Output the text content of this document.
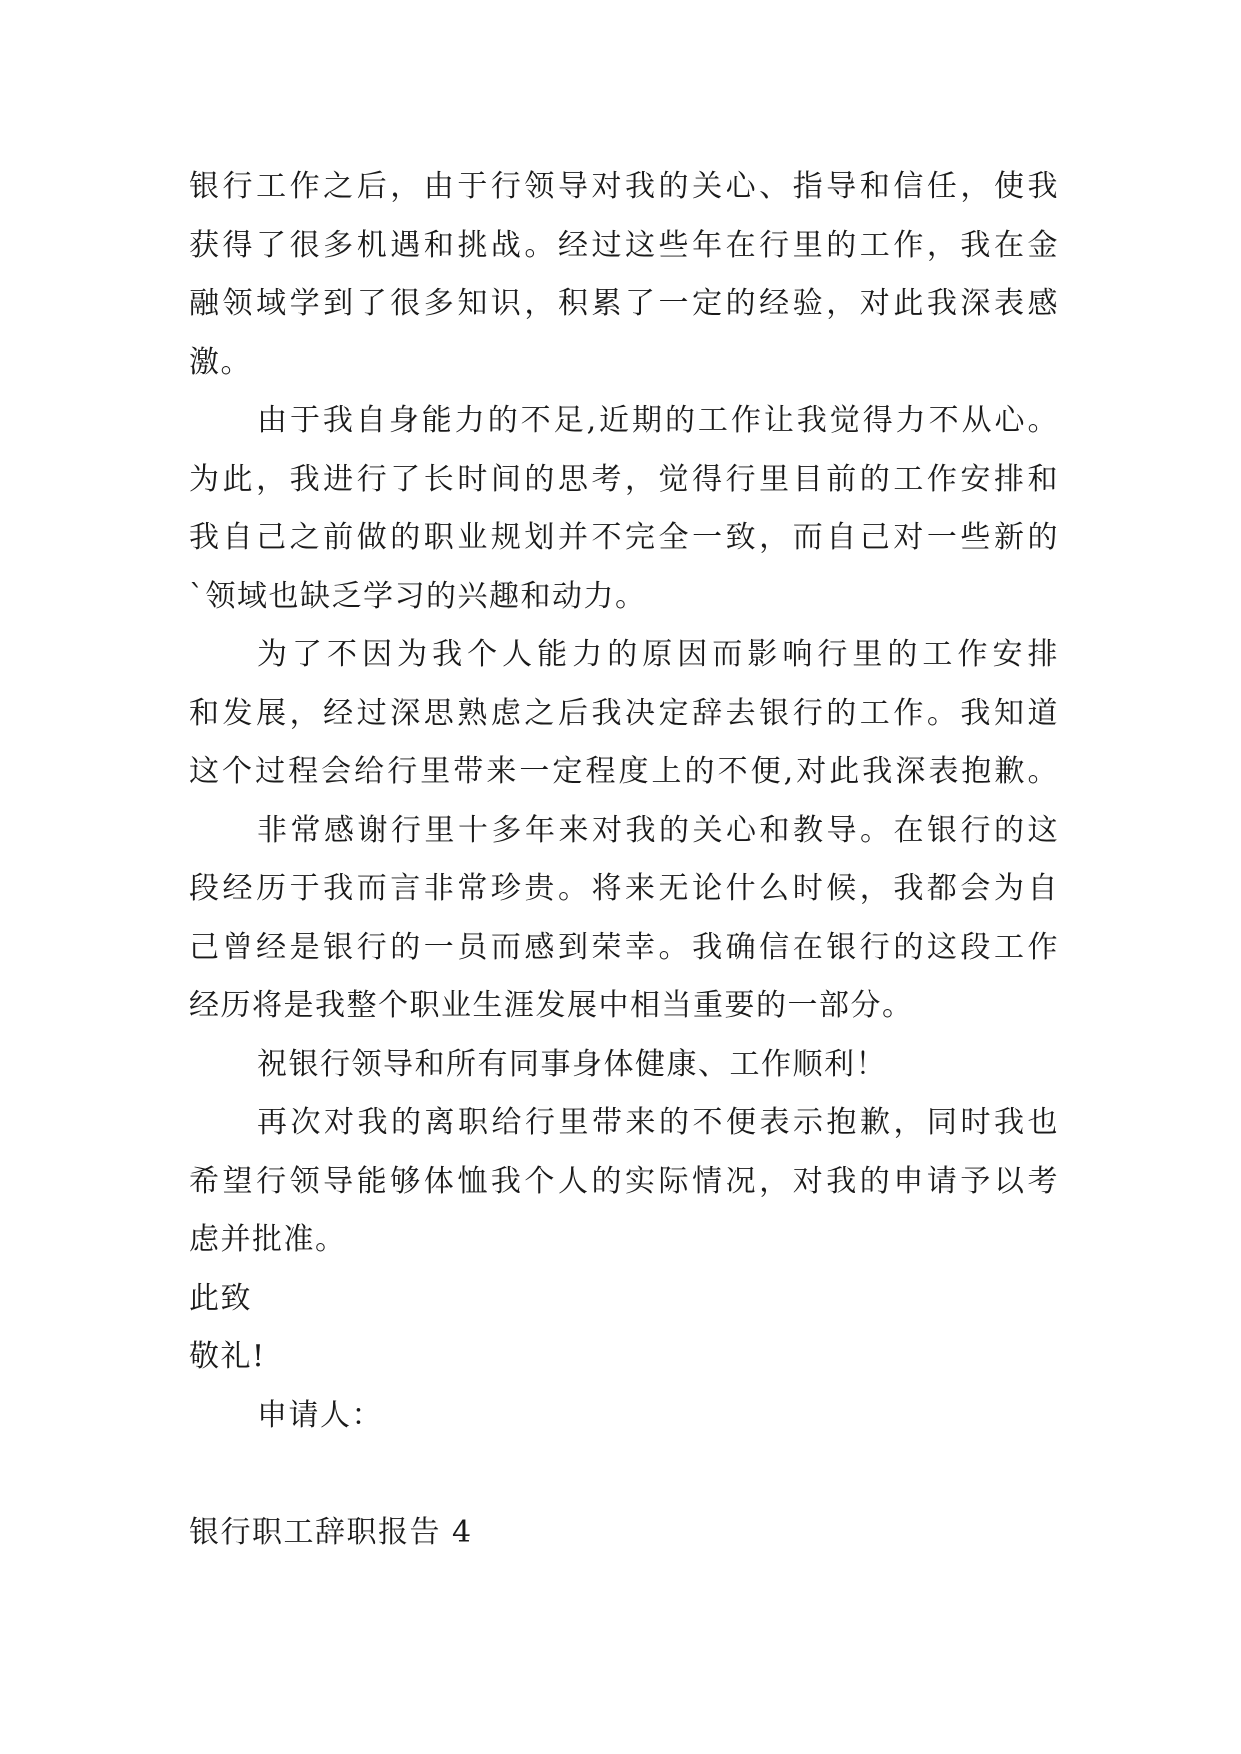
银行工作之后，由于行领导对我的关心、指导和信任，使我
获得了很多机遇和挑战。经过这些年在行里的工作，我在金
融领域学到了很多知识，积累了一定的经验，对此我深表感
激。
由于我自身能力的不足,近期的工作让我觉得力不从心。
为此，我进行了长时间的思考，觉得行里目前的工作安排和
我自己之前做的职业规划并不完全一致，而自己对一些新的
`领域也缺乏学习的兴趣和动力。
为了不因为我个人能力的原因而影响行里的工作安排
和发展，经过深思熟虑之后我决定辞去银行的工作。我知道
这个过程会给行里带来一定程度上的不便,对此我深表抱歉。
非常感谢行里十多年来对我的关心和教导。在银行的这
段经历于我而言非常珍贵。将来无论什么时候，我都会为自
己曾经是银行的一员而感到荣幸。我确信在银行的这段工作
经历将是我整个职业生涯发展中相当重要的一部分。
祝银行领导和所有同事身体健康、工作顺利！
再次对我的离职给行里带来的不便表示抱歉，同时我也
希望行领导能够体恤我个人的实际情况，对我的申请予以考
虑并批准。
此致
敬礼!
申请人：
银行职工辞职报告 4
